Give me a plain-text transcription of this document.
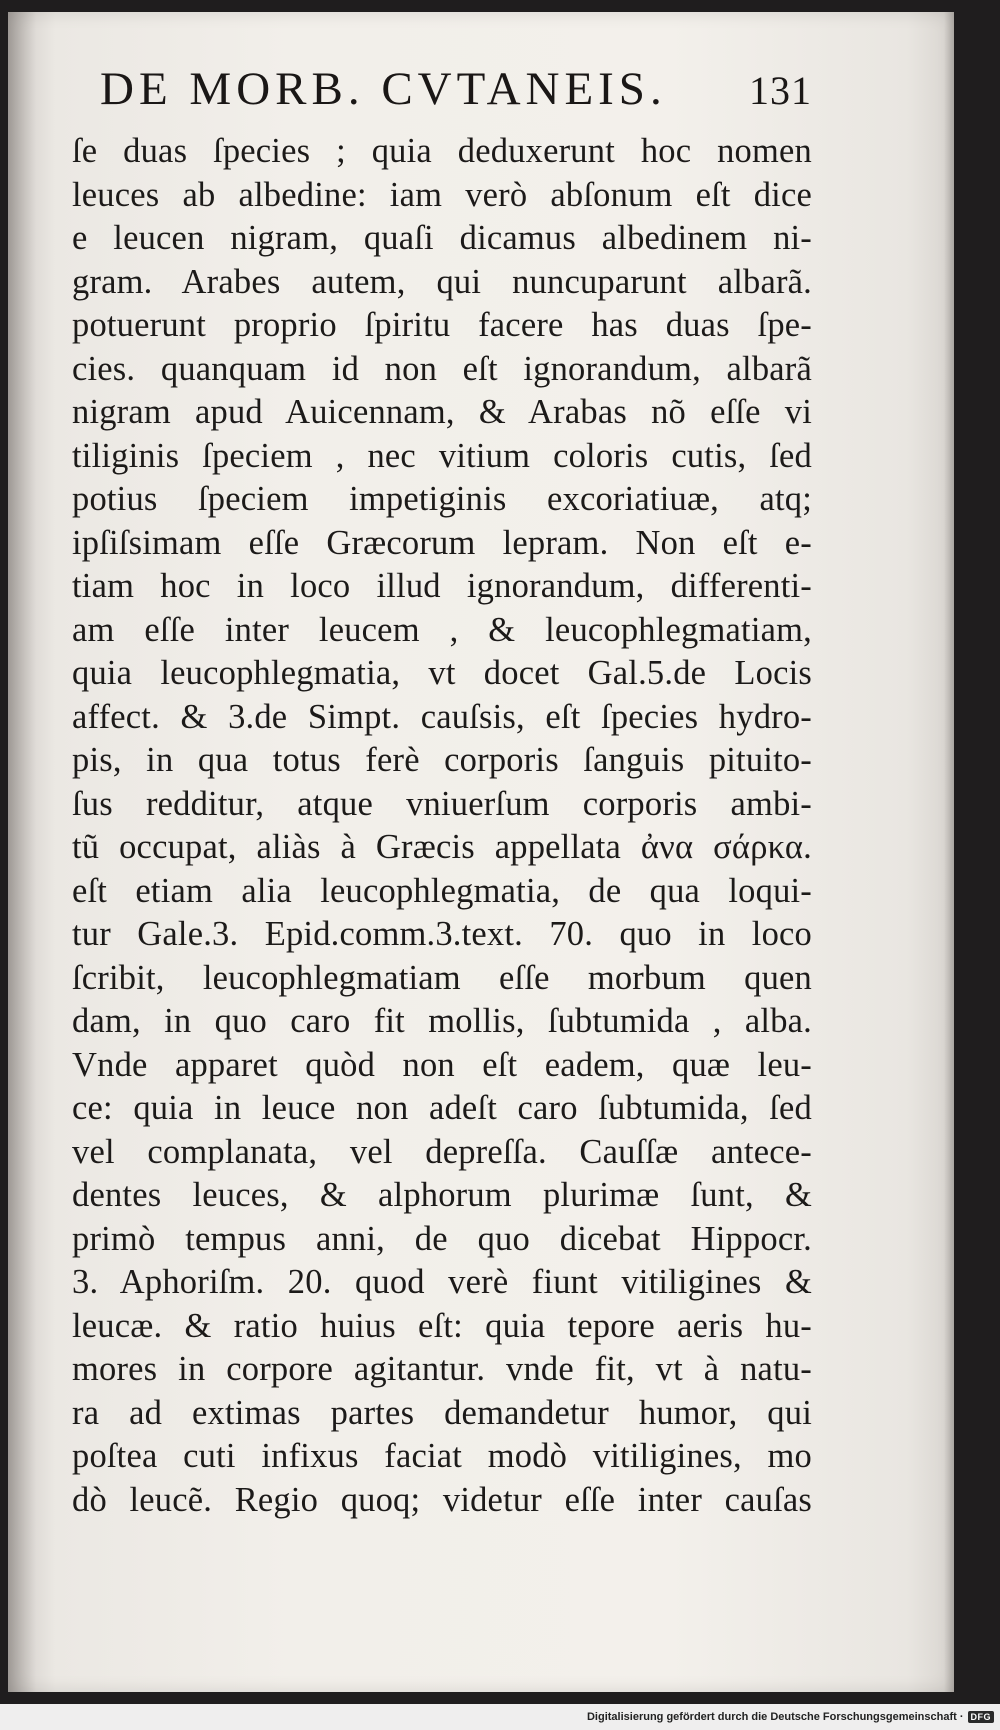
DE MORB. CVTANEIS. 131
ſe duas ſpecies ; quia deduxerunt hoc nomen
leuces ab albedine: iam verò abſonum eſt dice
e leucen nigram, quaſi dicamus albedinem ni-
gram. Arabes autem, qui nuncuparunt albarã.
potuerunt proprio ſpiritu facere has duas ſpe-
cies. quanquam id non eſt ignorandum, albarã
nigram apud Auicennam, & Arabas nõ eſſe vi
tiliginis ſpeciem , nec vitium coloris cutis, ſed
potius ſpeciem impetiginis excoriatiuæ, atq;
ipſiſsimam eſſe Græcorum lepram. Non eſt e-
tiam hoc in loco illud ignorandum, differenti-
am eſſe inter leucem , & leucophlegmatiam,
quia leucophlegmatia, vt docet Gal.5.de Locis
affect. & 3.de Simpt. cauſsis, eſt ſpecies hydro-
pis, in qua totus ferè corporis ſanguis pituito-
ſus redditur, atque vniuerſum corporis ambi-
tũ occupat, aliàs à Græcis appellata ἀνα σάρκα.
eſt etiam alia leucophlegmatia, de qua loqui-
tur Gale.3. Epid.comm.3.text. 70. quo in loco
ſcribit, leucophlegmatiam eſſe morbum quen
dam, in quo caro fit mollis, ſubtumida , alba.
Vnde apparet quòd non eſt eadem, quæ leu-
ce: quia in leuce non adeſt caro ſubtumida, ſed
vel complanata, vel depreſſa. Cauſſæ antece-
dentes leuces, & alphorum plurimæ ſunt, &
primò tempus anni, de quo dicebat Hippocr.
3. Aphoriſm. 20. quod verè fiunt vitiligines &
leucæ. & ratio huius eſt: quia tepore aeris hu-
mores in corpore agitantur. vnde fit, vt à natu-
ra ad extimas partes demandetur humor, qui
poſtea cuti infixus faciat modò vitiligines, mo
dò leucẽ. Regio quoq; videtur eſſe inter cauſas
Digitalisierung gefördert durch die Deutsche Forschungsgemeinschaft · DFG
